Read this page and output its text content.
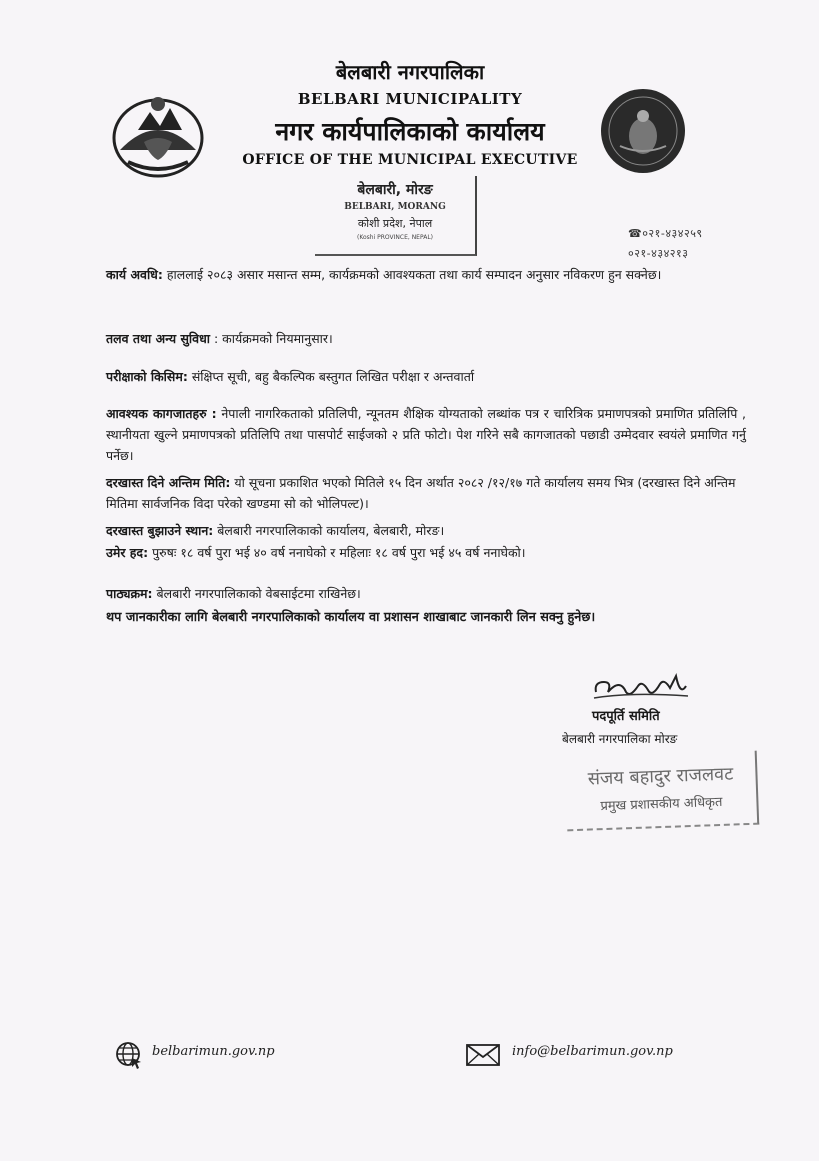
बेलबारी नगरपालिका
BELBARI MUNICIPALITY
नगर कार्यपालिकाको कार्यालय
OFFICE OF THE MUNICIPAL EXECUTIVE
बेलबारी, मोरङ
BELBARI, MORANG
कोशी प्रदेश, नेपाल
(Koshi PROVINCE, NEPAL)	☎०२१-४३४२५९
०२१-४३४२१३
कार्य अवधि: हाललाई २०८३ असार मसान्त सम्म, कार्यक्रमको आवश्यकता तथा कार्य सम्पादन अनुसार नविकरण हुन सक्नेछ।
तलव तथा अन्य सुविधा : कार्यक्रमको नियमानुसार।
परीक्षाको किसिम: संक्षिप्त सूची, बहु बैकल्पिक बस्तुगत लिखित परीक्षा र अन्तवार्ता
आवश्यक कागजातहरु : नेपाली नागरिकताको प्रतिलिपी, न्यूनतम शैक्षिक योग्यताको लब्धांक पत्र र चारित्रिक प्रमाणपत्रको प्रमाणित प्रतिलिपि , स्थानीयता खुल्ने प्रमाणपत्रको प्रतिलिपि तथा पासपोर्ट साईजको २ प्रति फोटो। पेश गरिने सबै कागजातको पछाडी उम्मेदवार स्वयंले प्रमाणित गर्नु पर्नेछ।
दरखास्त दिने अन्तिम मिति: यो सूचना प्रकाशित भएको मितिले १५ दिन अर्थात २०८२ /१२/१७ गते कार्यालय समय भित्र (दरखास्त दिने अन्तिम मितिमा सार्वजनिक विदा परेको खण्डमा सो को भोलिपल्ट)।
दरखास्त बुझाउने स्थान: बेलबारी नगरपालिकाको कार्यालय, बेलबारी, मोरङ।
उमेर हद: पुरुषः १८ वर्ष पुरा भई ४० वर्ष ननाघेको र महिलाः १८ वर्ष पुरा भई ४५ वर्ष ननाघेको।
पाठ्यक्रम: बेलबारी नगरपालिकाको वेबसाईटमा राखिनेछ।
थप जानकारीका लागि बेलबारी नगरपालिकाको कार्यालय वा प्रशासन शाखाबाट जानकारी लिन सक्नु हुनेछ।
पदपूर्ति समिति
बेलबारी नगरपालिका मोरङ
संजय बहादुर राजलवट
प्रमुख प्रशासकीय अधिकृत
belbarimun.gov.np	info@belbarimun.gov.np
